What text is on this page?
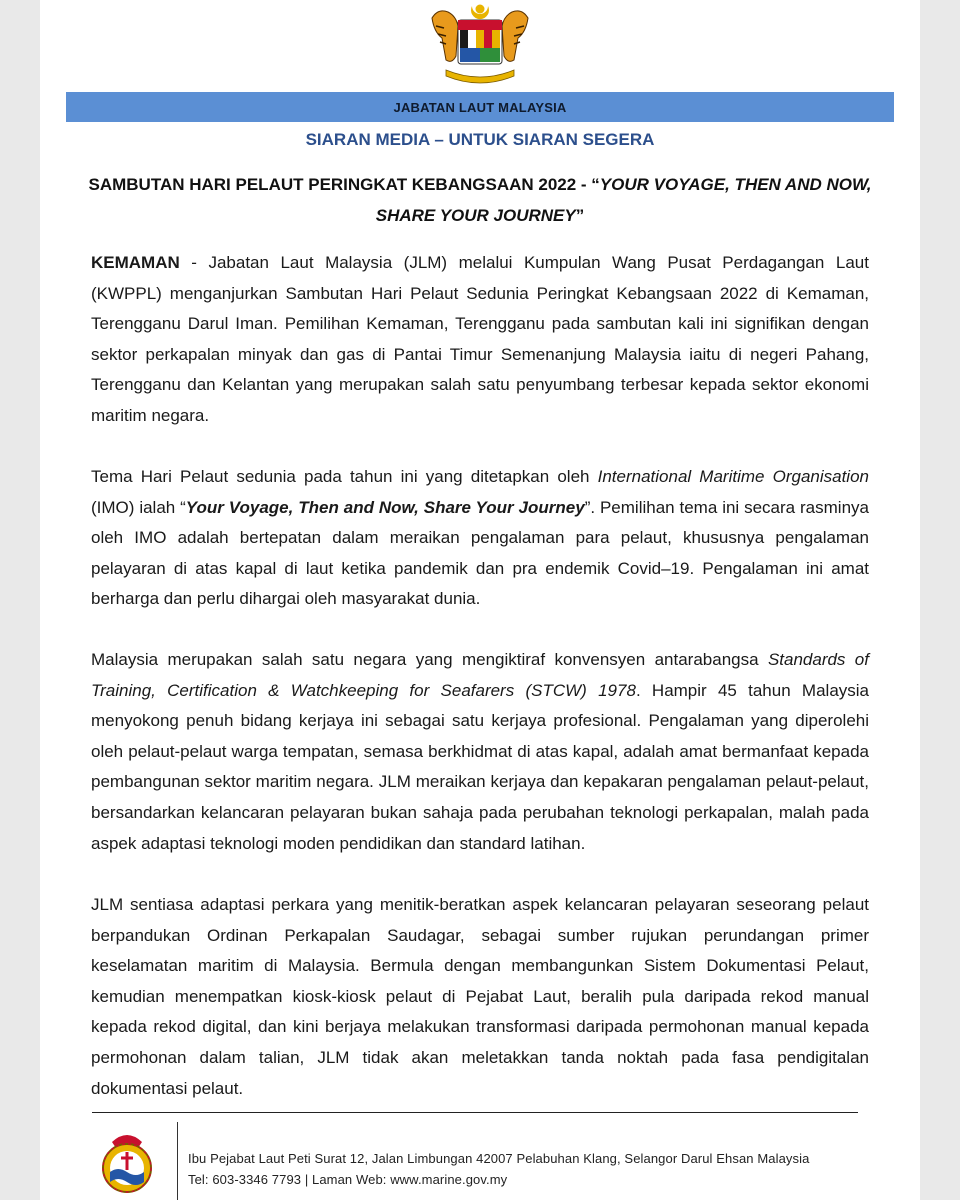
JABATAN LAUT MALAYSIA
SIARAN MEDIA – UNTUK SIARAN SEGERA
SAMBUTAN HARI PELAUT PERINGKAT KEBANGSAAN 2022 - “YOUR VOYAGE, THEN AND NOW, SHARE YOUR JOURNEY”

KEMAMAN - Jabatan Laut Malaysia (JLM) melalui Kumpulan Wang Pusat Perdagangan Laut (KWPPL) menganjurkan Sambutan Hari Pelaut Sedunia Peringkat Kebangsaan 2022 di Kemaman, Terengganu Darul Iman. Pemilihan Kemaman, Terengganu pada sambutan kali ini signifikan dengan sektor perkapalan minyak dan gas di Pantai Timur Semenanjung Malaysia iaitu di negeri Pahang, Terengganu dan Kelantan yang merupakan salah satu penyumbang terbesar kepada sektor ekonomi maritim negara.

Tema Hari Pelaut sedunia pada tahun ini yang ditetapkan oleh International Maritime Organisation (IMO) ialah “Your Voyage, Then and Now, Share Your Journey”. Pemilihan tema ini secara rasminya oleh IMO adalah bertepatan dalam meraikan pengalaman para pelaut, khususnya pengalaman pelayaran di atas kapal di laut ketika pandemik dan pra endemik Covid–19. Pengalaman ini amat berharga dan perlu dihargai oleh masyarakat dunia.

Malaysia merupakan salah satu negara yang mengiktiraf konvensyen antarabangsa Standards of Training, Certification & Watchkeeping for Seafarers (STCW) 1978. Hampir 45 tahun Malaysia menyokong penuh bidang kerjaya ini sebagai satu kerjaya profesional. Pengalaman yang diperolehi oleh pelaut-pelaut warga tempatan, semasa berkhidmat di atas kapal, adalah amat bermanfaat kepada pembangunan sektor maritim negara. JLM meraikan kerjaya dan kepakaran pengalaman pelaut-pelaut, bersandarkan kelancaran pelayaran bukan sahaja pada perubahan teknologi perkapalan, malah pada aspek adaptasi teknologi moden pendidikan dan standard latihan.

JLM sentiasa adaptasi perkara yang menitik-beratkan aspek kelancaran pelayaran seseorang pelaut berpandukan Ordinan Perkapalan Saudagar, sebagai sumber rujukan perundangan primer keselamatan maritim di Malaysia. Bermula dengan membangunkan Sistem Dokumentasi Pelaut, kemudian menempatkan kiosk-kiosk pelaut di Pejabat Laut, beralih pula daripada rekod manual kepada rekod digital, dan kini berjaya melakukan transformasi daripada permohonan manual kepada permohonan dalam talian, JLM tidak akan meletakkan tanda noktah pada fasa pendigitalan dokumentasi pelaut.

Ibu Pejabat Laut Peti Surat 12, Jalan Limbungan 42007 Pelabuhan Klang, Selangor Darul Ehsan Malaysia
Tel: 603-3346 7793 | Laman Web: www.marine.gov.my
